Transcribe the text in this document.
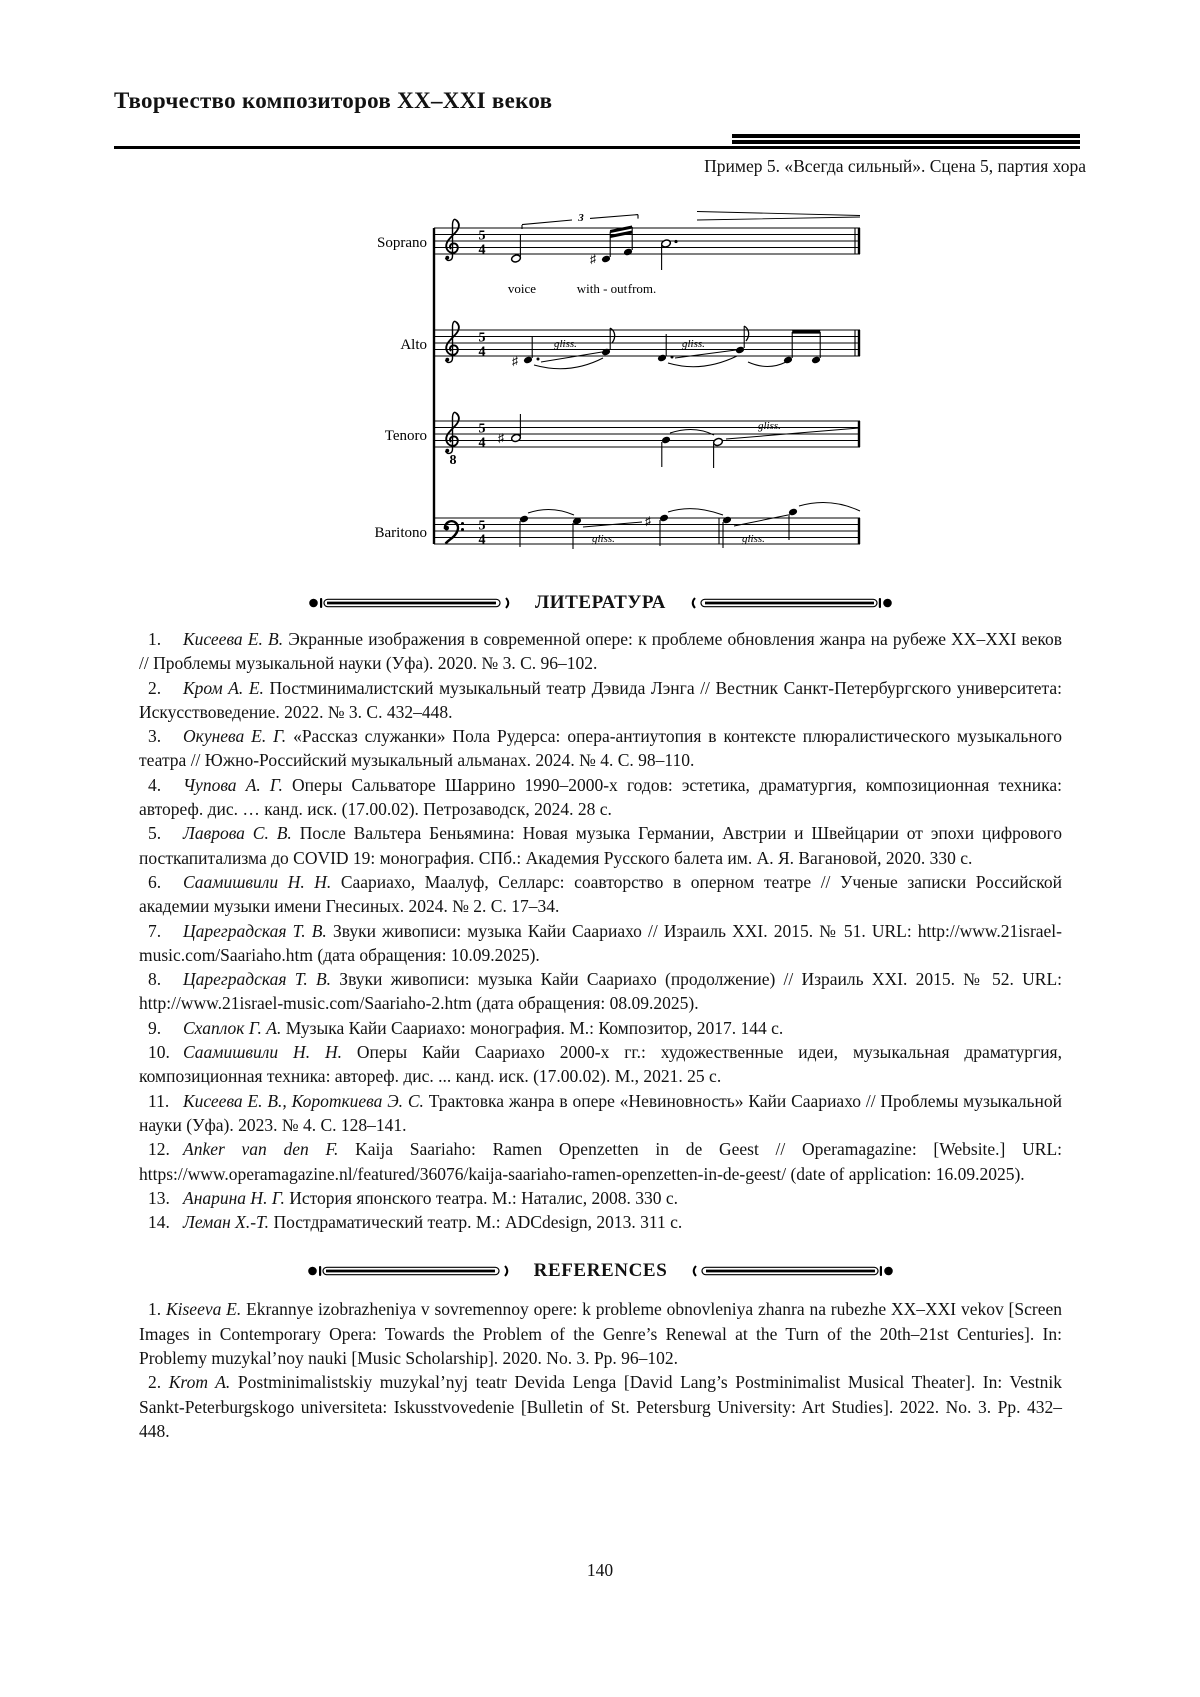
Творчество композиторов XX–XXI веков
Пример 5. «Всегда сильный». Сцена 5, партия хора
Soprano
Alto
Tenoro
Baritono
8
5
4
5
4
5
4
5
4
3
♯
voice	with - out from.
♯
gliss.	gliss.
♯
gliss.
gliss.
♯
gliss.
ЛИТЕРАТУРА

1. Кисеева Е. В. Экранные изображения в современной опере: к проблеме обновления жанра на рубеже XX–XXI веков // Проблемы музыкальной науки (Уфа). 2020. № 3. С. 96–102.

2. Кром А. Е. Постминималистский музыкальный театр Дэвида Лэнга // Вестник Санкт-Петербургского университета: Искусствоведение. 2022. № 3. С. 432–448.

3. Окунева Е. Г. «Рассказ служанки» Пола Рудерса: опера-антиутопия в контексте плюралистического музыкального театра // Южно-Российский музыкальный альманах. 2024. № 4. С. 98–110.

4. Чупова А. Г. Оперы Сальваторе Шаррино 1990–2000-х годов: эстетика, драматургия, композиционная техника: автореф. дис. … канд. иск. (17.00.02). Петрозаводск, 2024. 28 с.

5. Лаврова С. В. После Вальтера Беньямина: Новая музыка Германии, Австрии и Швейцарии от эпохи цифрового посткапитализма до COVID 19: монография. СПб.: Академия Русского балета им. А. Я. Вагановой, 2020. 330 с.

6. Саамишвили Н. Н. Саариахо, Маалуф, Селларс: соавторство в оперном театре // Ученые записки Российской академии музыки имени Гнесиных. 2024. № 2. С. 17–34.

7. Цареградская Т. В. Звуки живописи: музыка Кайи Саариахо // Израиль XXI. 2015. № 51. URL: http://www.21israel-music.com/Saariaho.htm (дата обращения: 10.09.2025).

8. Цареградская Т. В. Звуки живописи: музыка Кайи Саариахо (продолжение) // Израиль XXI. 2015. № 52. URL: http://www.21israel-music.com/Saariaho-2.htm (дата обращения: 08.09.2025).

9. Схаплок Г. А. Музыка Кайи Саариахо: монография. М.: Композитор, 2017. 144 с.

10. Саамишвили Н. Н. Оперы Кайи Саариахо 2000-х гг.: художественные идеи, музыкальная драматургия, композиционная техника: автореф. дис. ... канд. иск. (17.00.02). М., 2021. 25 с.

11. Кисеева Е. В., Короткиева Э. С. Трактовка жанра в опере «Невиновность» Кайи Саариахо // Проблемы музыкальной науки (Уфа). 2023. № 4. С. 128–141.

12. Anker van den F. Kaija Saariaho: Ramen Openzetten in de Geest // Operamagazine: [Website.] URL: https://www.operamagazine.nl/featured/36076/kaija-saariaho-ramen-openzetten-in-de-geest/ (date of application: 16.09.2025).

13. Анарина Н. Г. История японского театра. М.: Наталис, 2008. 330 с.

14. Леман Х.-Т. Постдраматический театр. М.: ADCdesign, 2013. 311 с.

REFERENCES

1. Kiseeva E. Ekrannye izobrazheniya v sovremennoy opere: k probleme obnovleniya zhanra na rubezhe XX–XXI vekov [Screen Images in Contemporary Opera: Towards the Problem of the Genre’s Renewal at the Turn of the 20th–21st Centuries]. In: Problemy muzykal’noy nauki [Music Scholarship]. 2020. No. 3. Pp. 96–102.

2. Krom A. Postminimalistskiy muzykal’nyj teatr Devida Lenga [David Lang’s Postminimalist Musical Theater]. In: Vestnik Sankt-Peterburgskogo universiteta: Iskusstvovedenie [Bulletin of St. Petersburg University: Art Studies]. 2022. No. 3. Pp. 432–448.

140
